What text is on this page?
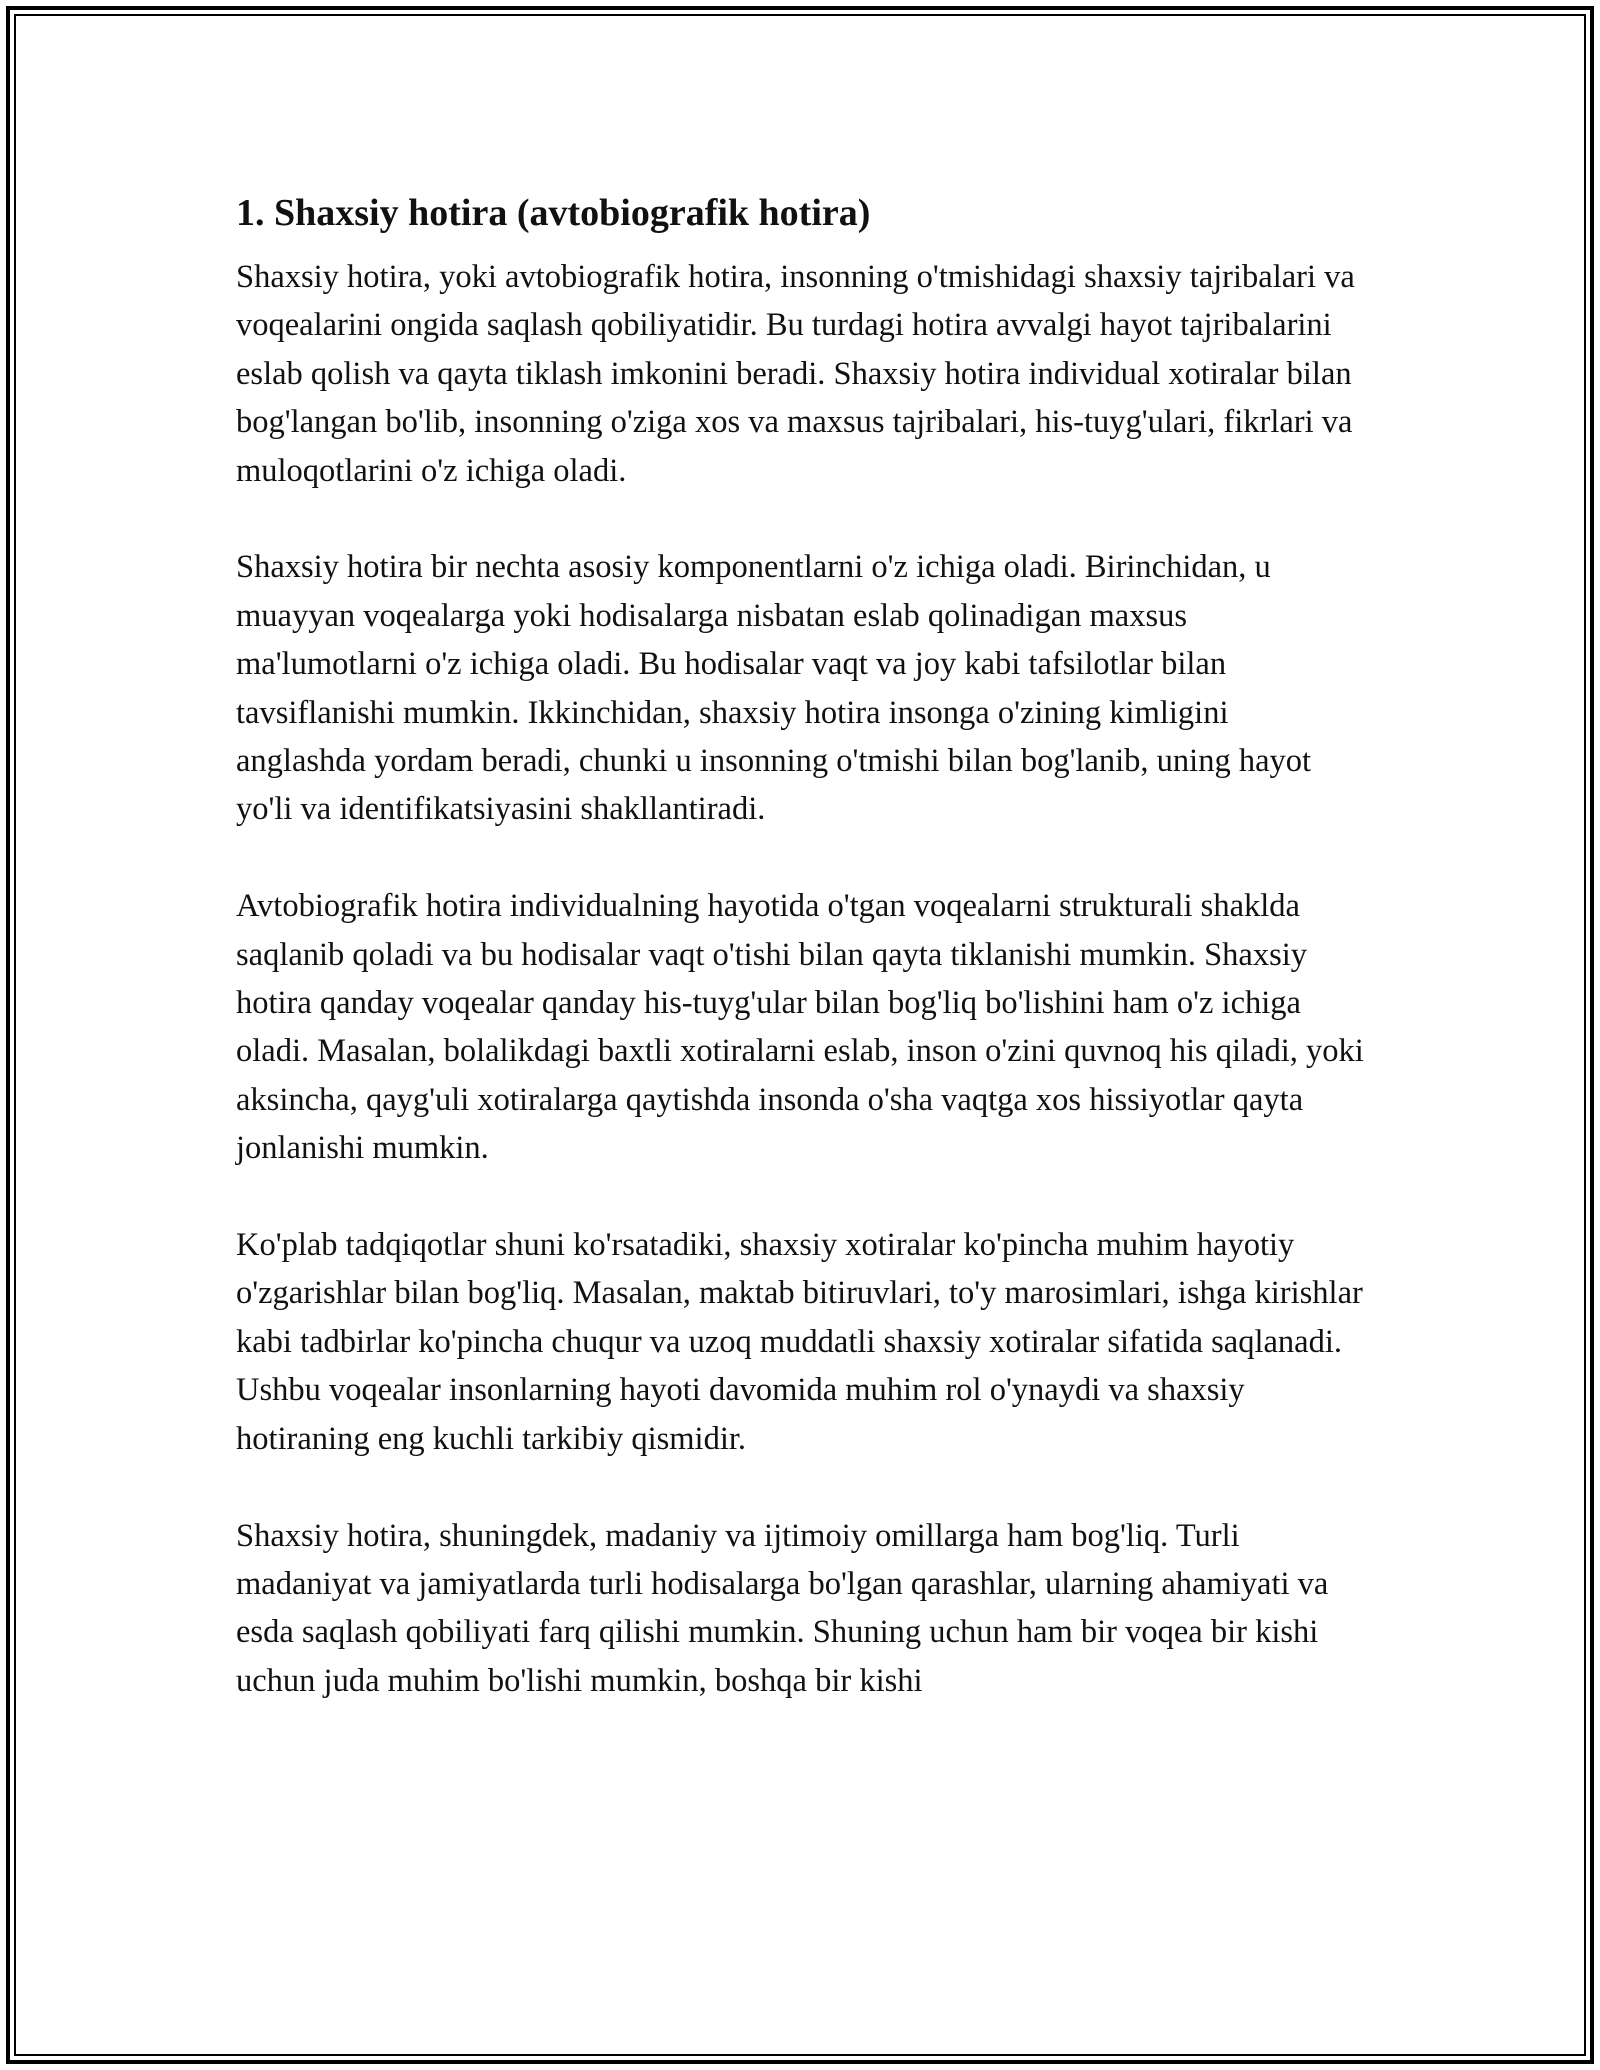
1. Shaxsiy hotira (avtobiografik hotira)

Shaxsiy hotira, yoki avtobiografik hotira, insonning o'tmishidagi shaxsiy tajribalari va voqealarini ongida saqlash qobiliyatidir. Bu turdagi hotira avvalgi hayot tajribalarini eslab qolish va qayta tiklash imkonini beradi. Shaxsiy hotira individual xotiralar bilan bog'langan bo'lib, insonning o'ziga xos va maxsus tajribalari, his-tuyg'ulari, fikrlari va muloqotlarini o'z ichiga oladi.

Shaxsiy hotira bir nechta asosiy komponentlarni o'z ichiga oladi. Birinchidan, u muayyan voqealarga yoki hodisalarga nisbatan eslab qolinadigan maxsus ma'lumotlarni o'z ichiga oladi. Bu hodisalar vaqt va joy kabi tafsilotlar bilan tavsiflanishi mumkin. Ikkinchidan, shaxsiy hotira insonga o'zining kimligini anglashda yordam beradi, chunki u insonning o'tmishi bilan bog'lanib, uning hayot yo'li va identifikatsiyasini shakllantiradi.

Avtobiografik hotira individualning hayotida o'tgan voqealarni strukturali shaklda saqlanib qoladi va bu hodisalar vaqt o'tishi bilan qayta tiklanishi mumkin. Shaxsiy hotira qanday voqealar qanday his-tuyg'ular bilan bog'liq bo'lishini ham o'z ichiga oladi. Masalan, bolalikdagi baxtli xotiralarni eslab, inson o'zini quvnoq his qiladi, yoki aksincha, qayg'uli xotiralarga qaytishda insonda o'sha vaqtga xos hissiyotlar qayta jonlanishi mumkin.

Ko'plab tadqiqotlar shuni ko'rsatadiki, shaxsiy xotiralar ko'pincha muhim hayotiy o'zgarishlar bilan bog'liq. Masalan, maktab bitiruvlari, to'y marosimlari, ishga kirishlar kabi tadbirlar ko'pincha chuqur va uzoq muddatli shaxsiy xotiralar sifatida saqlanadi. Ushbu voqealar insonlarning hayoti davomida muhim rol o'ynaydi va shaxsiy hotiraning eng kuchli tarkibiy qismidir.

Shaxsiy hotira, shuningdek, madaniy va ijtimoiy omillarga ham bog'liq. Turli madaniyat va jamiyatlarda turli hodisalarga bo'lgan qarashlar, ularning ahamiyati va esda saqlash qobiliyati farq qilishi mumkin. Shuning uchun ham bir voqea bir kishi uchun juda muhim bo'lishi mumkin, boshqa bir kishi
